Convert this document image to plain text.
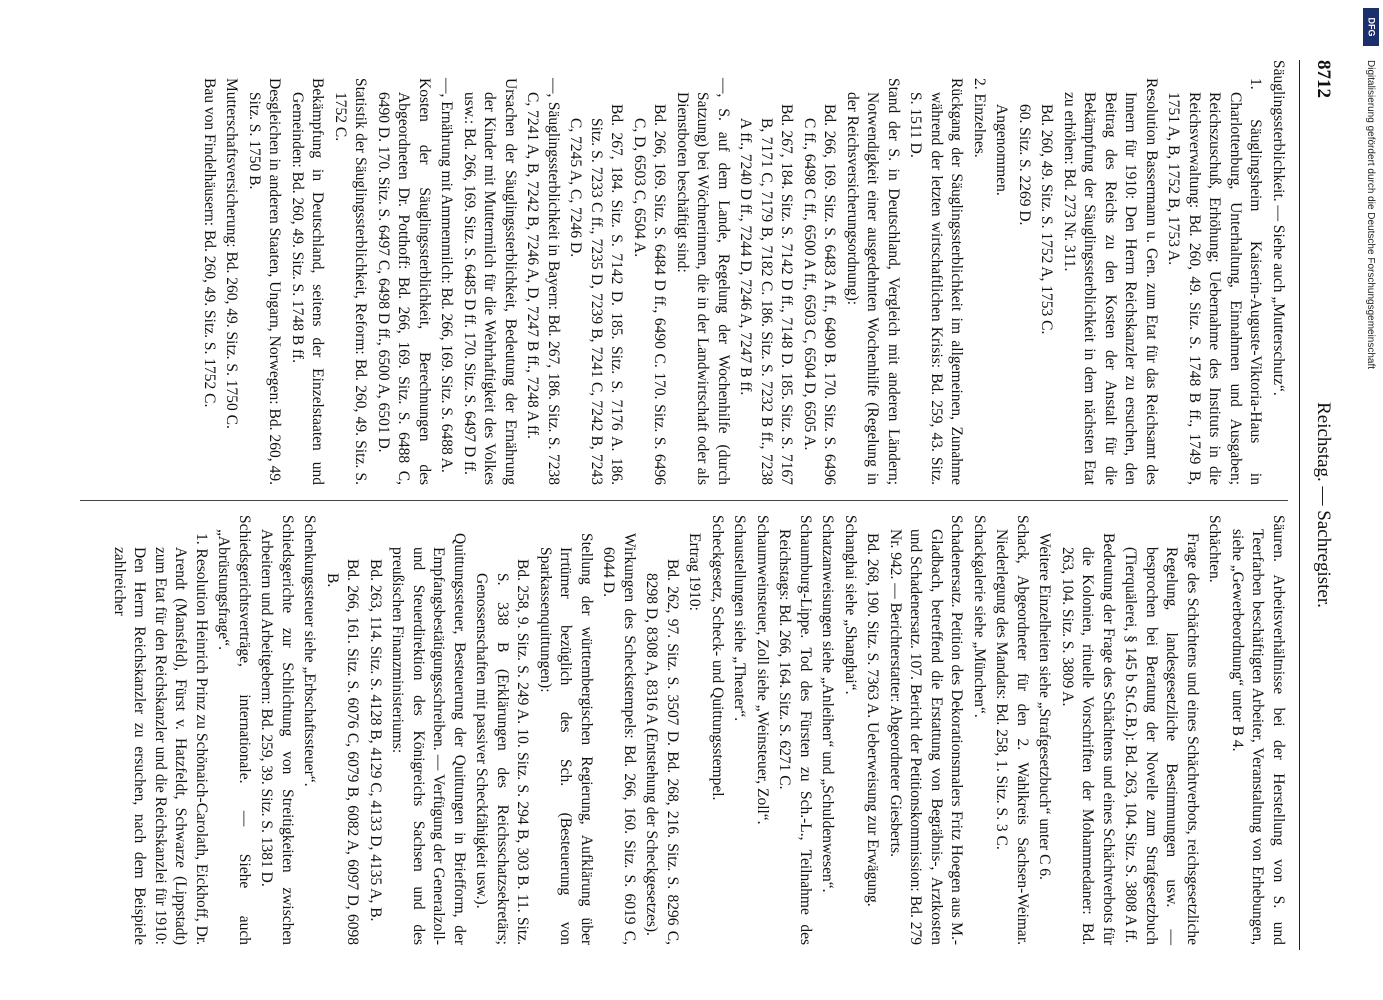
8712
Reichstag. — Sachregister.
Säuglingssterblichkeit. — Siehe auch „Mutterschutz“.
1. Säuglingsheim Kaiserin-Auguste-Viktoria-Haus in Charlottenburg, Unterhaltung, Einnahmen und Ausgaben; Reichszuschuß, Erhöhung; Uebernahme des Instituts in die Reichsverwaltung: Bd. 260, 49. Sitz. S. 1748 B ff., 1749 B, 1751 A, B, 1752 B, 1753 A.
Resolution Bassermann u. Gen. zum Etat für das Reichsamt des Innern für 1910: Den Herrn Reichskanzler zu ersuchen, den Beitrag des Reichs zu den Kosten der Anstalt für die Bekämpfung der Säuglingssterblichkeit in dem nächsten Etat zu erhöhen: Bd. 273 Nr. 311.
Bd. 260, 49. Sitz. S. 1752 A, 1753 C.
60. Sitz. S. 2269 D.
Angenommen.
2. Einzelnes.
Rückgang der Säuglingssterblichkeit im allgemeinen, Zunahme während der letzten wirtschaftlichen Krisis: Bd. 259, 43. Sitz. S. 1511 D.
Stand der S. in Deutschland, Vergleich mit anderen Ländern; Notwendigkeit einer ausgedehnten Wochenhilfe (Regelung in der Reichsversicherungsordnung):
Bd. 266, 169. Sitz. S. 6483 A ff., 6490 B. 170. Sitz. S. 6496 C ff., 6498 C ff., 6500 A ff., 6503 C, 6504 D, 6505 A.
Bd. 267, 184. Sitz. S. 7142 D ff., 7148 D. 185. Sitz. S. 7167 B, 7171 C, 7179 B, 7182 C. 186. Sitz. S. 7232 B ff., 7238 A ff., 7240 D ff., 7244 D, 7246 A, 7247 B ff.
—, S. auf dem Lande, Regelung der Wochenhilfe (durch Satzung) bei Wöchnerinnen, die in der Landwirtschaft oder als Dienstboten beschäftigt sind:
Bd. 266, 169. Sitz. S. 6484 D ff., 6490 C. 170. Sitz. S. 6496 C, D, 6503 C, 6504 A.
Bd. 267, 184. Sitz. S. 7142 D. 185. Sitz. S. 7176 A. 186. Sitz. S. 7233 C ff., 7235 D, 7239 B, 7241 C, 7242 B, 7243 C, 7245 A, C, 7246 D.
—, Säuglingssterblichkeit in Bayern: Bd. 267, 186. Sitz. S. 7238 C, 7241 A, B, 7242 B, 7246 A, D, 7247 B ff., 7248 A ff.
Ursachen der Säuglingssterblichkeit, Bedeutung der Ernährung der Kinder mit Muttermilch für die Wehrhaftigkeit des Volkes usw.: Bd. 266, 169. Sitz. S. 6485 D ff. 170. Sitz. S. 6497 D ff.
—, Ernährung mit Ammenmilch: Bd. 266, 169. Sitz. S. 6488 A.
Kosten der Säuglingssterblichkeit, Berechnungen des Abgeordneten Dr. Potthoff: Bd. 266, 169. Sitz. S. 6488 C, 6490 D. 170. Sitz. S. 6497 C, 6498 D ff., 6500 A, 6501 D.
Statistik der Säuglingssterblichkeit, Reform: Bd. 260, 49. Sitz. S. 1752 C.
Bekämpfung in Deutschland, seitens der Einzelstaaten und Gemeinden: Bd. 260, 49. Sitz. S. 1748 B ff.
Desgleichen in anderen Staaten, Ungarn, Norwegen: Bd. 260, 49. Sitz. S. 1750 B.
Mutterschaftsversicherung: Bd. 260, 49. Sitz. S. 1750 C.
Bau von Findelhäusern: Bd. 260, 49. Sitz. S. 1752 C.
Säuren. Arbeitsverhältnisse bei der Herstellung von S. und Teerfarben beschäftigten Arbeiter, Veranstaltung von Erhebungen, siehe „Gewerbeordnung“ unter B 4.
Schächten.
Frage des Schächtens und eines Schächtverbots, reichsgesetzliche Regelung, landesgesetzliche Bestimmungen usw. — besprochen bei Beratung der Novelle zum Strafgesetzbuch (Tierquälerei, § 145 b St.G.B.): Bd. 263, 104. Sitz. S. 3808 A ff.
Bedeutung der Frage des Schächtens und eines Schächtverbots für die Kolonien, rituelle Vorschriften der Mohammedaner: Bd. 263, 104. Sitz. S. 3809 A.
Weitere Einzelheiten siehe „Strafgesetzbuch“ unter C 6.
Schack, Abgeordneter für den 2. Wahlkreis Sachsen-Weimar. Niederlegung des Mandats: Bd. 258, 1. Sitz. S. 3 C.
Schackgalerie siehe „München“.
Schadenersatz. Petition des Dekorationsmalers Fritz Hoegen aus M.-Gladbach, betreffend die Erstattung von Begräbnis-, Arztkosten und Schadenersatz. 107. Bericht der Petitionskommission: Bd. 279 Nr. 942. — Berichterstatter: Abgeordneter Giesberts.
Bd. 268, 190. Sitz. S. 7363 A. Ueberweisung zur Erwägung.
Schanghai siehe „Shanghai“.
Schatzanweisungen siehe „Anleihen“ und „Schuldenwesen“.
Schaumburg-Lippe. Tod des Fürsten zu Sch.-L., Teilnahme des Reichstags: Bd. 266, 164. Sitz. S. 6271 C.
Schaumweinsteuer, Zoll siehe „Weinsteuer, Zoll“.
Schaustellungen siehe „Theater“.
Scheckgesetz, Scheck- und Quittungsstempel.
Ertrag 1910:
Bd. 262, 97. Sitz. S. 3507 D. Bd. 268, 216. Sitz. S. 8296 C, 8298 D, 8308 A, 8316 A (Entstehung der Scheckgesetzes).
Wirkungen des Scheckstempels: Bd. 266, 160. Sitz. S. 6019 C, 6044 D.
Stellung der württembergischen Regierung, Aufklärung über Irrtümer bezüglich des Sch. (Besteuerung von Sparkassenquittungen):
Bd. 258, 9. Sitz. S. 249 A. 10. Sitz. S. 294 B, 303 B. 11. Sitz. S. 338 B (Erklärungen des Reichsschatzsekretärs; Genossenschaften mit passiver Scheckfähigkeit usw.).
Quittungssteuer, Besteuerung der Quittungen in Briefform, der Empfangsbestätigungsschreiben. — Verfügung der Generalzoll- und Steuerdirektion des Königreichs Sachsen und des preußischen Finanzministeriums:
Bd. 263, 114. Sitz. S. 4128 B, 4129 C, 4133 D, 4135 A, B.
Bd. 266, 161. Sitz. S. 6076 C, 6079 B, 6082 A, 6097 D, 6098 B.
Schenkungssteuer siehe „Erbschaftssteuer“.
Schiedsgerichte zur Schlichtung von Streitigkeiten zwischen Arbeitern und Arbeitgebern: Bd. 259, 39. Sitz. S. 1381 D.
Schiedsgerichtsverträge, internationale. — Siehe auch „Abrüstungsfrage“.
1. Resolution Heinrich Prinz zu Schönaich-Carolath, Eickhoff, Dr. Arendt (Mansfeld), Fürst v. Hatzfeldt, Schwarze (Lippstadt) zum Etat für den Reichskanzler und die Reichskanzlei für 1910: Den Herrn Reichskanzler zu ersuchen, nach dem Beispiele zahlreicher
Digitalisierung gefördert durch die Deutsche Forschungsgemeinschaft
DFG
